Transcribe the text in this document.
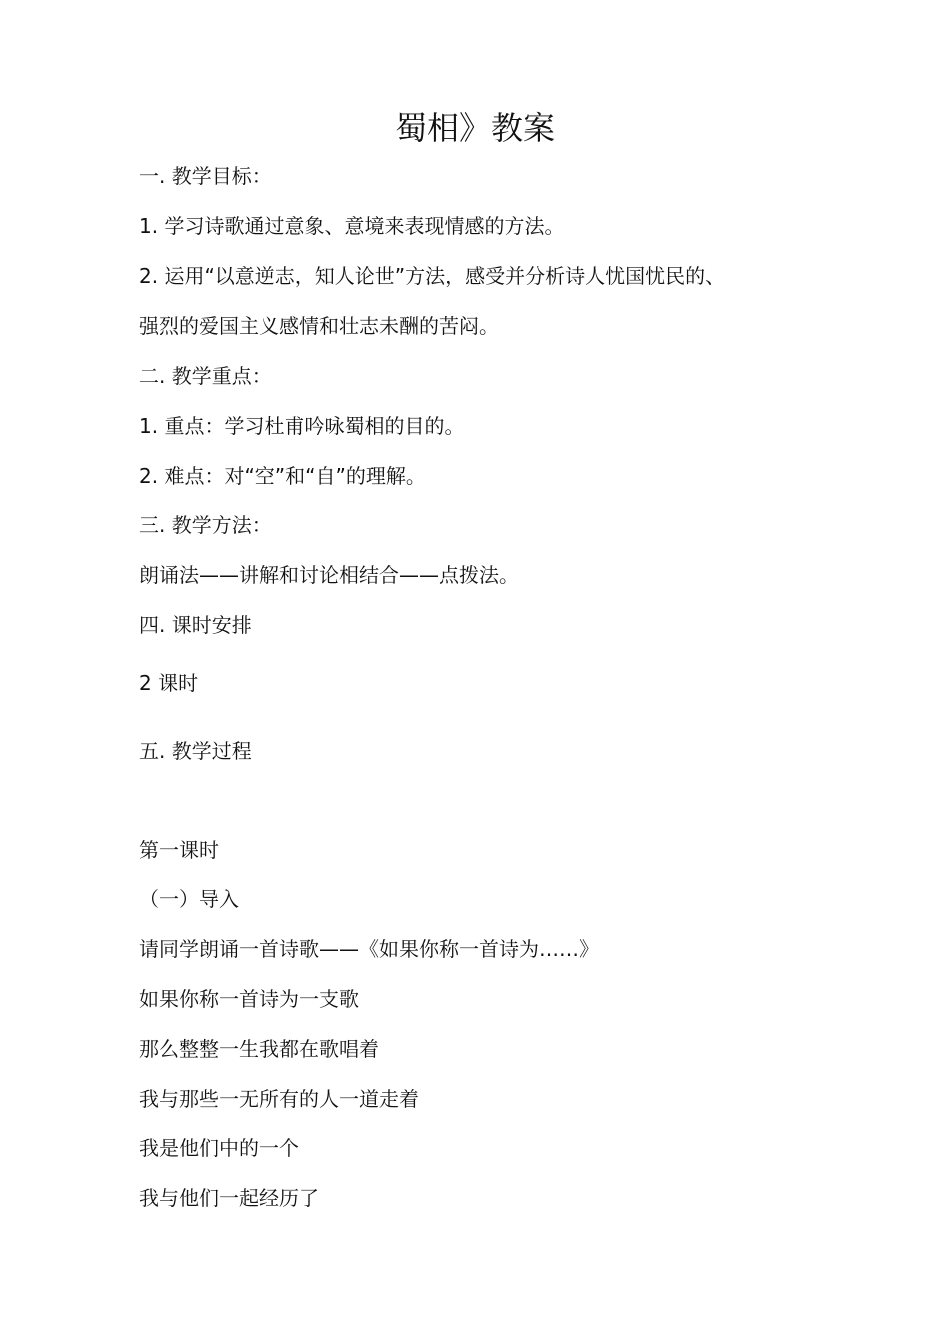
蜀相》教案
一. 教学目标：
1. 学习诗歌通过意象、意境来表现情感的方法。
2. 运用“以意逆志，知人论世”方法，感受并分析诗人忧国忧民的、
强烈的爱国主义感情和壮志未酬的苦闷。
二. 教学重点：
1. 重点：学习杜甫吟咏蜀相的目的。
2. 难点：对“空”和“自”的理解。
三. 教学方法：
朗诵法——讲解和讨论相结合——点拨法。
四. 课时安排
2 课时
五. 教学过程
第一课时
（一）导入
请同学朗诵一首诗歌——《如果你称一首诗为……》
如果你称一首诗为一支歌
那么整整一生我都在歌唱着
我与那些一无所有的人一道走着
我是他们中的一个
我与他们一起经历了
